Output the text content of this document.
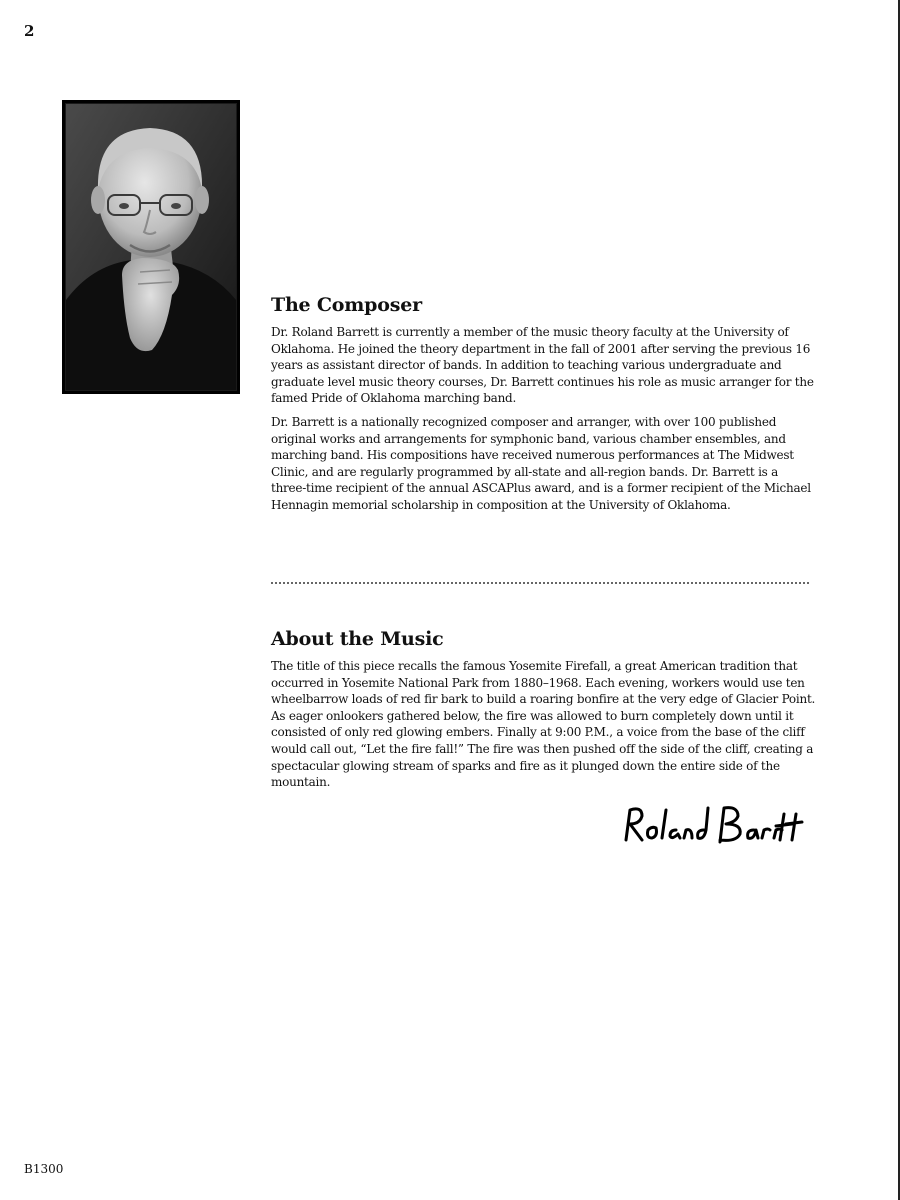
2
The Composer

Dr. Roland Barrett is currently a member of the music theory faculty at the University of Oklahoma. He joined the theory department in the fall of 2001 after serving the previous 16 years as assistant director of bands. In addition to teaching various undergraduate and graduate level music theory courses, Dr. Barrett continues his role as music arranger for the famed Pride of Oklahoma marching band.

Dr. Barrett is a nationally recognized composer and arranger, with over 100 published original works and arrangements for symphonic band, various chamber ensembles, and marching band. His compositions have received numerous performances at The Midwest Clinic, and are regularly programmed by all-state and all-region bands. Dr. Barrett is a three-time recipient of the annual ASCAPlus award, and is a former recipient of the Michael Hennagin memorial scholarship in composition at the University of Oklahoma.

About the Music

The title of this piece recalls the famous Yosemite Firefall, a great American tradition that occurred in Yosemite National Park from 1880–1968. Each evening, workers would use ten wheelbarrow loads of red fir bark to build a roaring bonfire at the very edge of Glacier Point. As eager onlookers gathered below, the fire was allowed to burn completely down until it consisted of only red glowing embers. Finally at 9:00 P.M., a voice from the base of the cliff would call out, “Let the fire fall!” The fire was then pushed off the side of the cliff, creating a spectacular glowing stream of sparks and fire as it plunged down the entire side of the mountain.

B1300
